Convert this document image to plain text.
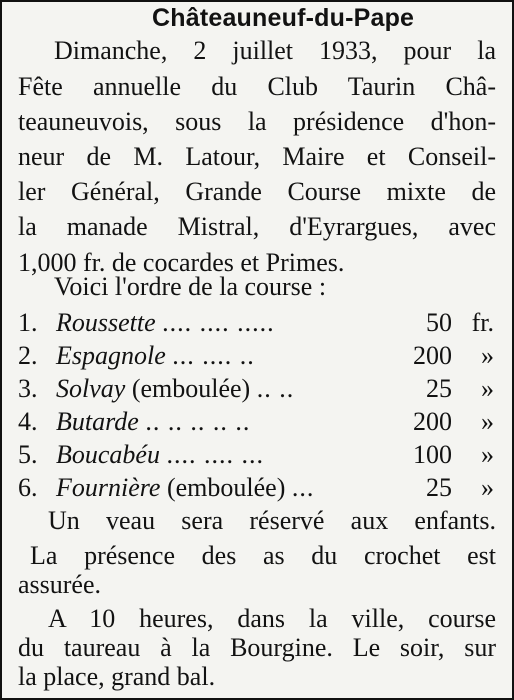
Châteauneuf-du-Pape
Dimanche, 2 juillet 1933, pour la
Fête annuelle du Club Taurin Châ-
teauneuvois, sous la présidence d'hon-
neur de M. Latour, Maire et Conseil-
ler Général, Grande Course mixte de
la manade Mistral, d'Eyrargues, avec
1,000 fr. de cocardes et Primes.
Voici l'ordre de la course :
1. Roussette .... .... .....	50 fr.
2. Espagnole ... .... ..	200 »
3. Solvay (emboulée) .. ..	25 »
4. Butarde .. .. .. .. ..	200 »
5. Boucabéu .... .... ...	100 »
6. Fournière (emboulée) ...	25 »
Un veau sera réservé aux enfants.
La présence des as du crochet est
assurée.
A 10 heures, dans la ville, course
du taureau à la Bourgine. Le soir, sur
la place, grand bal.
